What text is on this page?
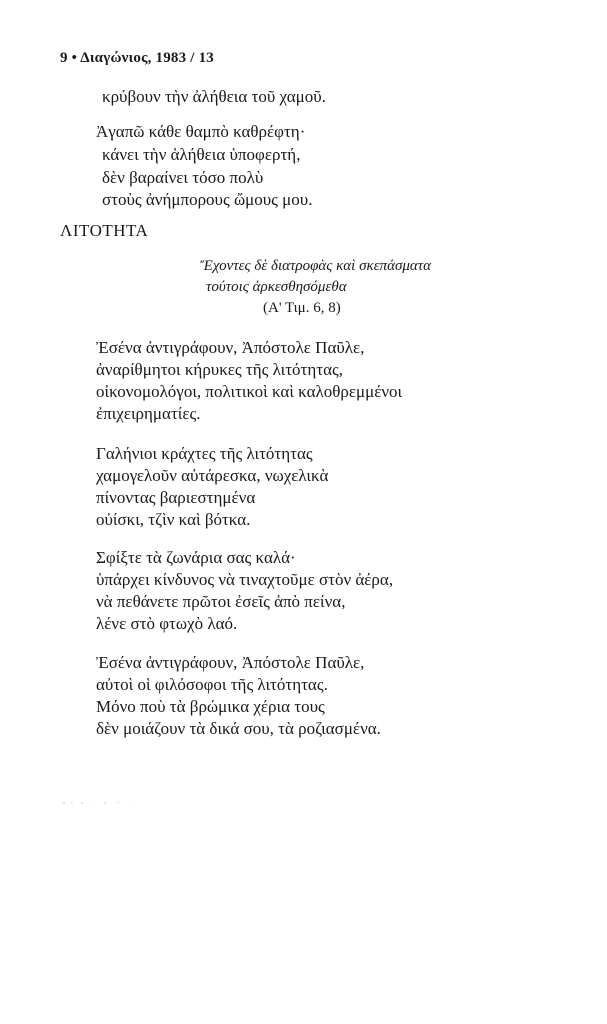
9 • Διαγώνιος, 1983 / 13
κρύβουν τὴν ἀλήθεια τοῦ χαμοῦ.
Ἀγαπῶ κάθε θαμπὸ καθρέφτη·
κάνει τὴν ἀλήθεια ὑποφερτή,
δὲν βαραίνει τόσο πολὺ
στοὺς ἀνήμπορους ὤμους μου.
ΛΙΤΟΤΗΤΑ
Ἔχοντες δὲ διατροφὰς καὶ σκεπάσματα
τούτοις ἀρκεσθησόμεθα
(Α' Τιμ. 6, 8)
Ἐσένα ἀντιγράφουν, Ἀπόστολε Παῦλε,
ἀναρίθμητοι κήρυκες τῆς λιτότητας,
οἰκονομολόγοι, πολιτικοὶ καὶ καλοθρεμμένοι
ἐπιχειρηματίες.
Γαλήνιοι κράχτες τῆς λιτότητας
χαμογελοῦν αὐτάρεσκα, νωχελικὰ
πίνοντας βαριεστημένα
οὐίσκι, τζὶν καὶ βότκα.
Σφίξτε τὰ ζωνάρια σας καλά·
ὑπάρχει κίνδυνος νὰ τιναχτοῦμε στὸν ἀέρα,
νὰ πεθάνετε πρῶτοι ἐσεῖς ἀπὸ πείνα,
λένε στὸ φτωχὸ λαό.
Ἐσένα ἀντιγράφουν, Ἀπόστολε Παῦλε,
αὐτοὶ οἱ φιλόσοφοι τῆς λιτότητας.
Μόνο ποὺ τὰ βρώμικα χέρια τους
δὲν μοιάζουν τὰ δικά σου, τὰ ροζιασμένα.
